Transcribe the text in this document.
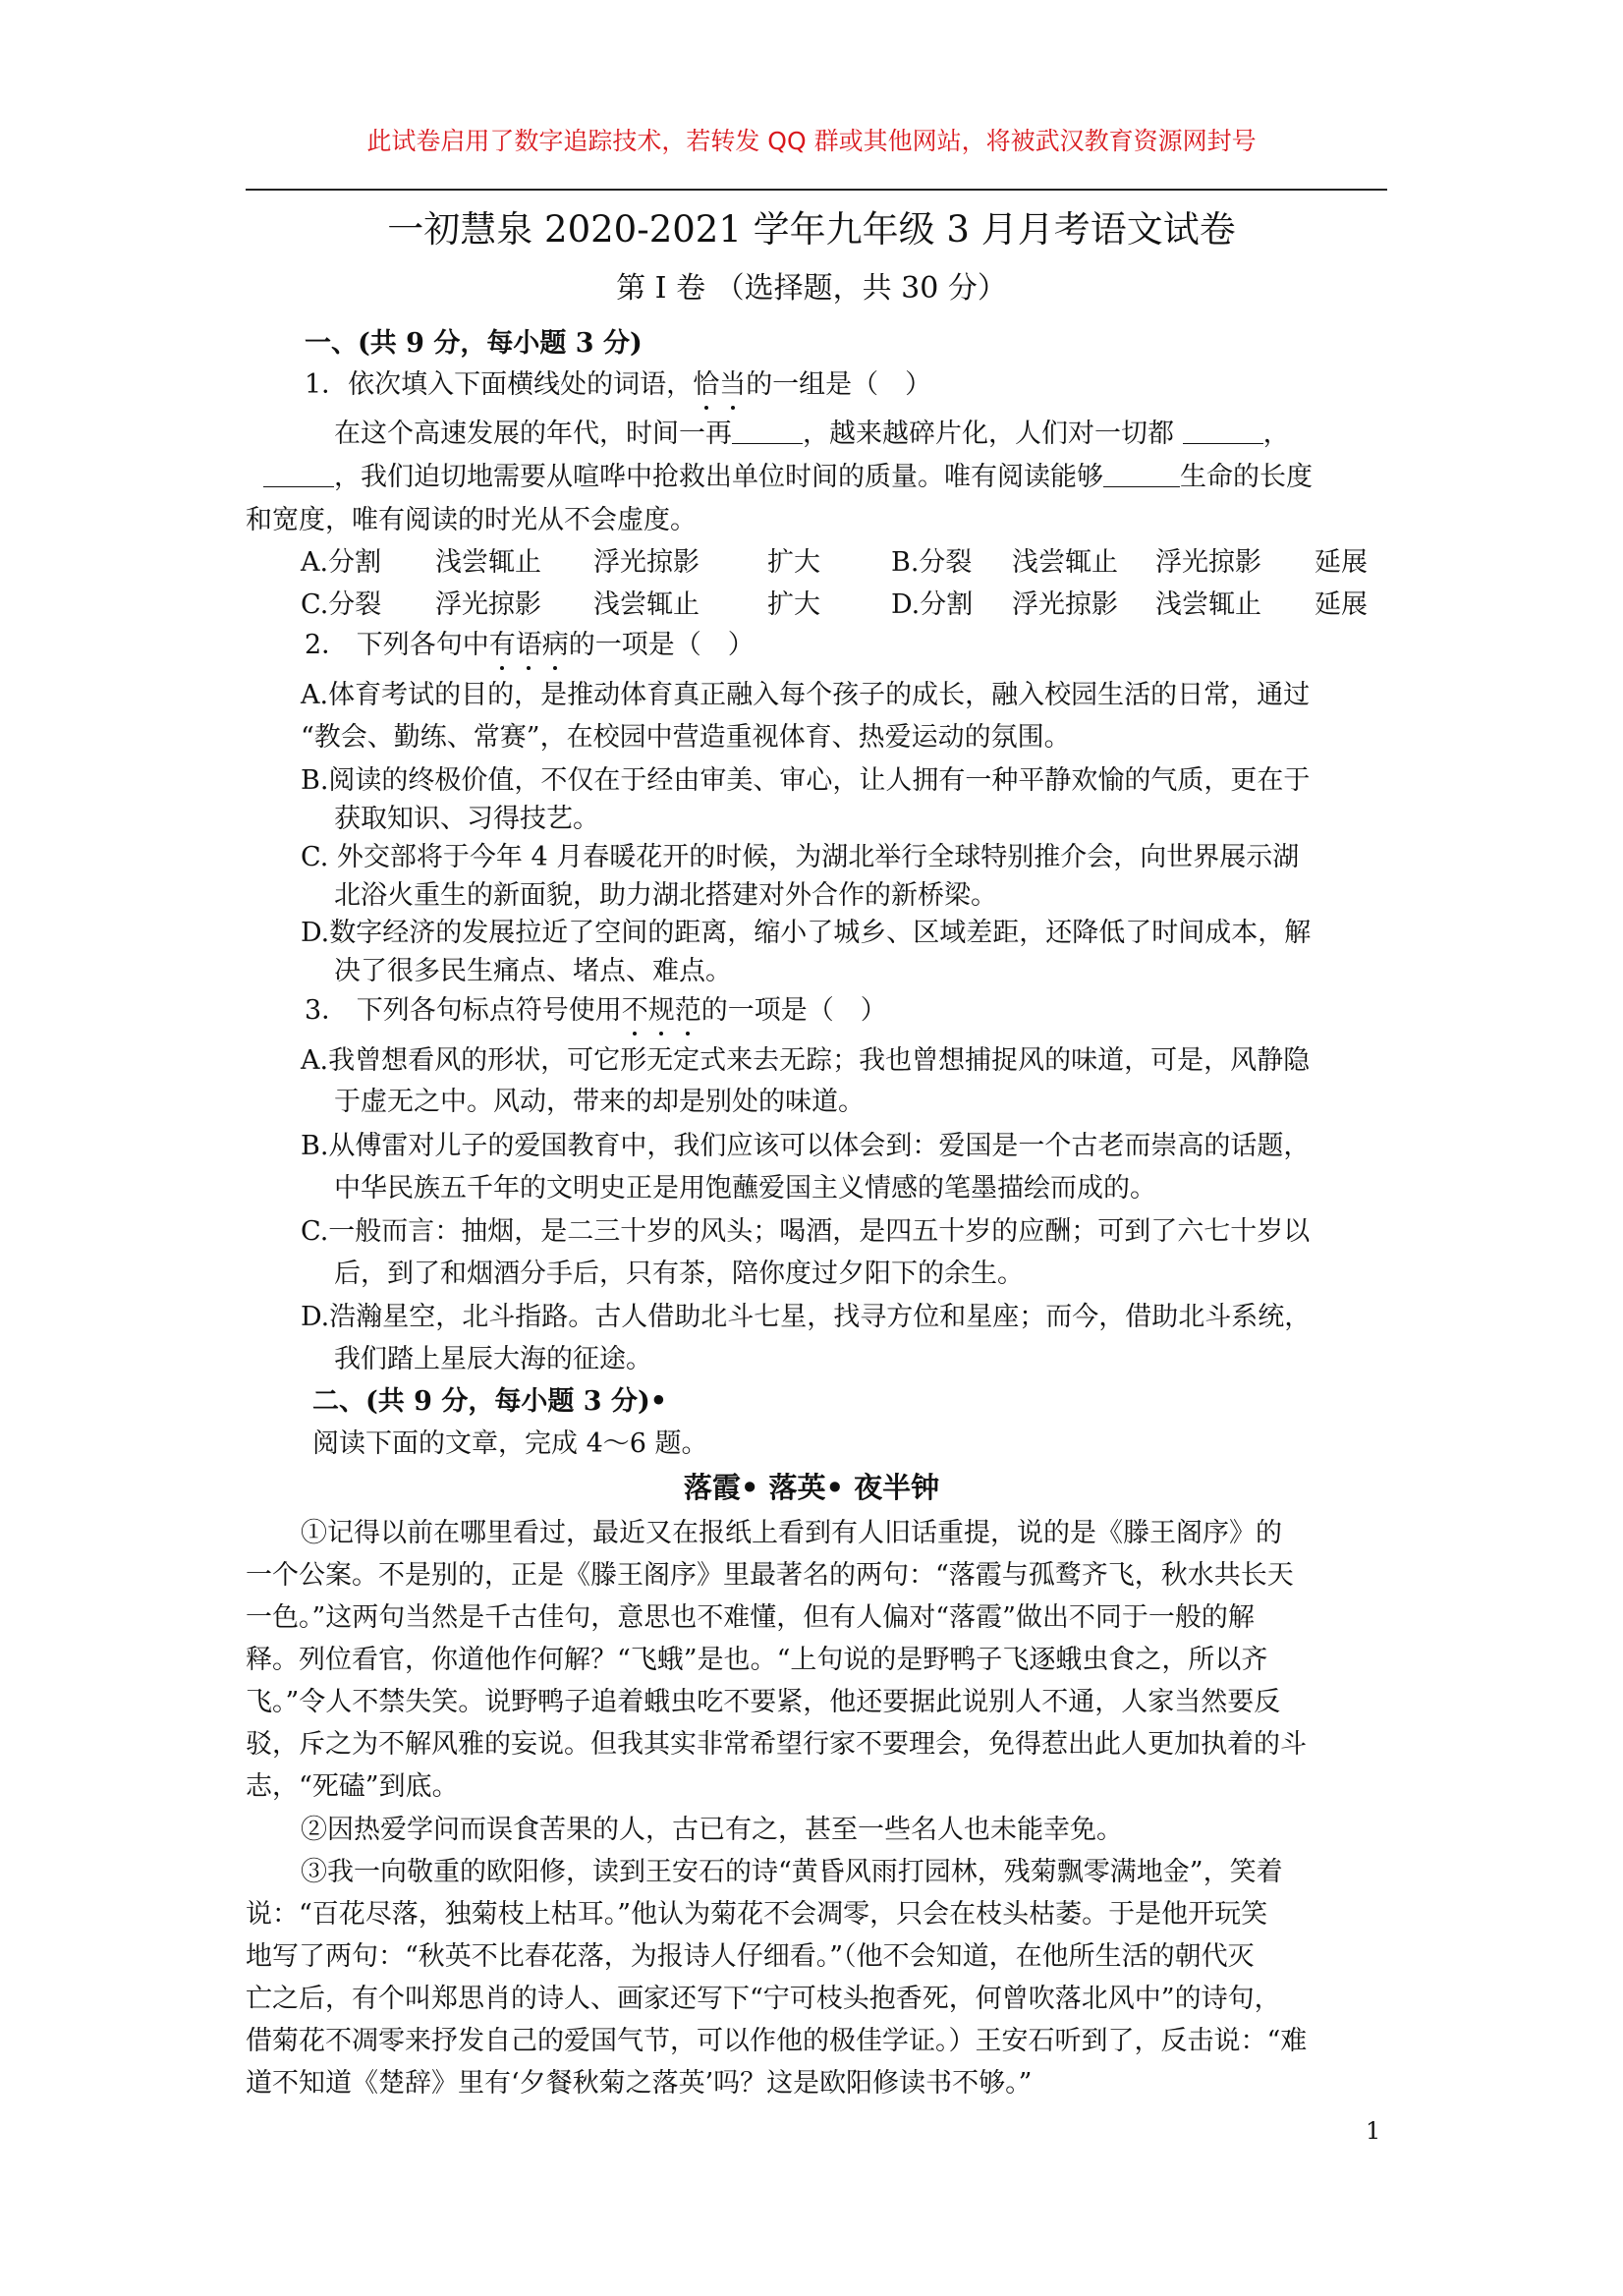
此试卷启用了数字追踪技术，若转发 QQ 群或其他网站，将被武汉教育资源网封号
一初慧泉 2020-2021 学年九年级 3 月月考语文试卷
第 I 卷 （选择题，共 30 分）
一、(共 9 分，每小题 3 分)
1．依次填入下面横线处的词语，恰当的一组是（　）
在这个高速发展的年代，时间一再	，越来越碎片化，人们对一切都	，
，我们迫切地需要从喧哗中抢救出单位时间的质量。唯有阅读能够	生命的长度
和宽度，唯有阅读的时光从不会虚度。
A.分割 浅尝辄止 浮光掠影	扩大	B.分裂 浅尝辄止 浮光掠影 延展
C.分裂 浮光掠影 浅尝辄止	扩大	D.分割 浮光掠影 浅尝辄止 延展
2． 下列各句中有语病的一项是（　）
A.体育考试的目的，是推动体育真正融入每个孩子的成长，融入校园生活的日常，通过
“教会、勤练、常赛”，在校园中营造重视体育、热爱运动的氛围。
B.阅读的终极价值，不仅在于经由审美、审心，让人拥有一种平静欢愉的气质，更在于
获取知识、习得技艺。
C. 外交部将于今年 4 月春暖花开的时候，为湖北举行全球特别推介会，向世界展示湖
北浴火重生的新面貌，助力湖北搭建对外合作的新桥梁。
D.数字经济的发展拉近了空间的距离，缩小了城乡、区域差距，还降低了时间成本，解
决了很多民生痛点、堵点、难点。
3． 下列各句标点符号使用不规范的一项是（　）
A.我曾想看风的形状，可它形无定式来去无踪；我也曾想捕捉风的味道，可是，风静隐
于虚无之中。风动，带来的却是别处的味道。
B.从傅雷对儿子的爱国教育中，我们应该可以体会到：爱国是一个古老而崇高的话题，
中华民族五千年的文明史正是用饱蘸爱国主义情感的笔墨描绘而成的。
C.一般而言：抽烟，是二三十岁的风头；喝酒，是四五十岁的应酬；可到了六七十岁以
后，到了和烟酒分手后，只有茶，陪你度过夕阳下的余生。
D.浩瀚星空，北斗指路。古人借助北斗七星，找寻方位和星座；而今，借助北斗系统，
我们踏上星辰大海的征途。
二、(共 9 分，每小题 3 分)•
阅读下面的文章，完成 4～6 题。
落霞• 落英• 夜半钟
①记得以前在哪里看过，最近又在报纸上看到有人旧话重提，说的是《滕王阁序》的
一个公案。不是别的，正是《滕王阁序》里最著名的两句：“落霞与孤鹜齐飞，秋水共长天
一色。”这两句当然是千古佳句，意思也不难懂，但有人偏对“落霞”做出不同于一般的解
释。列位看官，你道他作何解？“飞蛾”是也。“上句说的是野鸭子飞逐蛾虫食之，所以齐
飞。”令人不禁失笑。说野鸭子追着蛾虫吃不要紧，他还要据此说别人不通，人家当然要反
驳，斥之为不解风雅的妄说。但我其实非常希望行家不要理会，免得惹出此人更加执着的斗
志，“死磕”到底。
②因热爱学问而误食苦果的人，古已有之，甚至一些名人也未能幸免。
③我一向敬重的欧阳修，读到王安石的诗“黄昏风雨打园林，残菊飘零满地金”，笑着
说：“百花尽落，独菊枝上枯耳。”他认为菊花不会凋零，只会在枝头枯萎。于是他开玩笑
地写了两句：“秋英不比春花落，为报诗人仔细看。”（他不会知道，在他所生活的朝代灭
亡之后，有个叫郑思肖的诗人、画家还写下“宁可枝头抱香死，何曾吹落北风中”的诗句，
借菊花不凋零来抒发自己的爱国气节，可以作他的极佳学证。）王安石听到了，反击说：“难
道不知道《楚辞》里有‘夕餐秋菊之落英’吗？这是欧阳修读书不够。”
1
